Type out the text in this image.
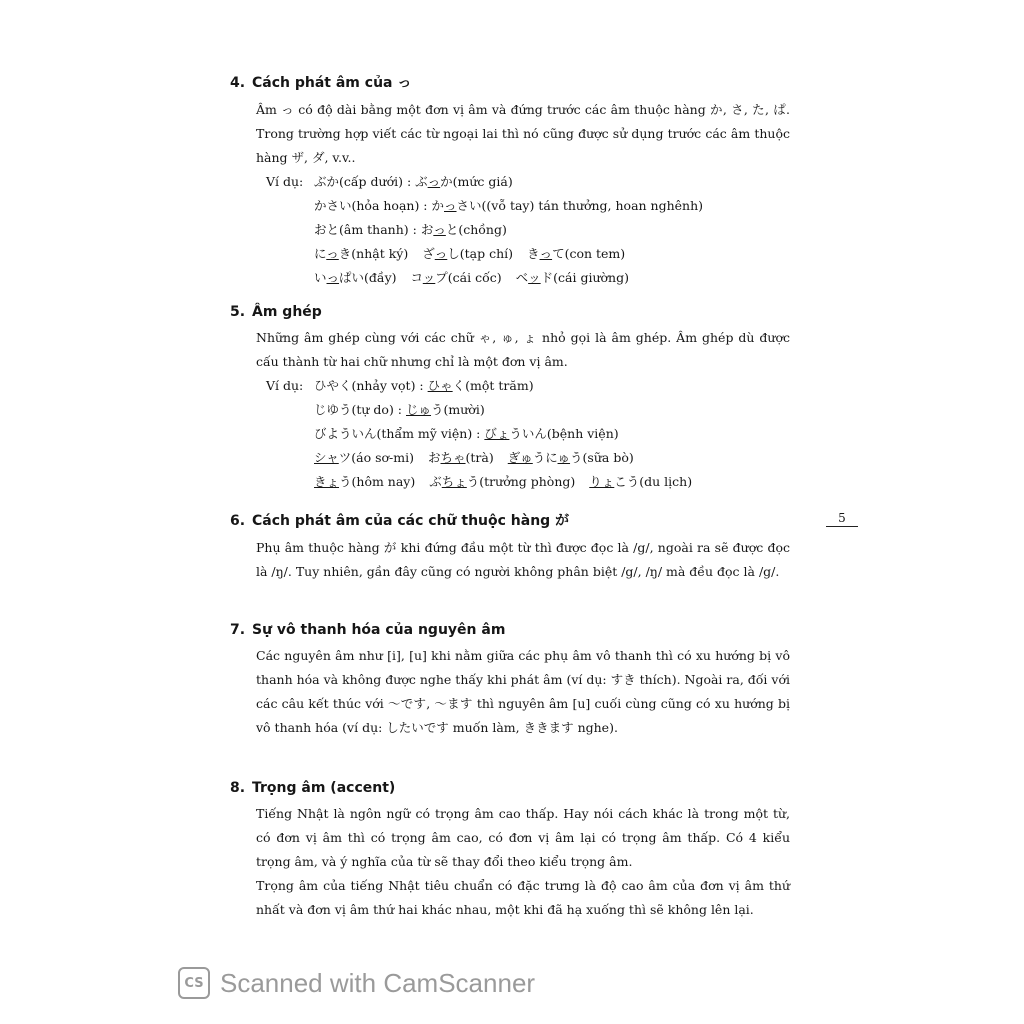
4. Cách phát âm của っ

Âm っ có độ dài bằng một đơn vị âm và đứng trước các âm thuộc hàng か, さ, た, ぱ. Trong trường hợp viết các từ ngoại lai thì nó cũng được sử dụng trước các âm thuộc hàng ザ, ダ, v.v..

Ví dụ: ぶか(cấp dưới) : ぶっか(mức giá)
かさい(hỏa hoạn) : かっさい((vỗ tay) tán thưởng, hoan nghênh)
おと(âm thanh) : おっと(chồng)
にっき(nhật ký) ざっし(tạp chí) きって(con tem)
いっぱい(đầy) コップ(cái cốc) ベッド(cái giường)
5. Âm ghép

Những âm ghép cùng với các chữ ゃ, ゅ, ょ nhỏ gọi là âm ghép. Âm ghép dù được cấu thành từ hai chữ nhưng chỉ là một đơn vị âm.

Ví dụ: ひやく(nhảy vọt) : ひゃく(một trăm)
じゆう(tự do) : じゅう(mười)
びよういん(thẩm mỹ viện) : びょういん(bệnh viện)
シャツ(áo sơ-mi) おちゃ(trà) ぎゅうにゅう(sữa bò)
きょう(hôm nay) ぶちょう(trưởng phòng) りょこう(du lịch)
6. Cách phát âm của các chữ thuộc hàng が

Phụ âm thuộc hàng が khi đứng đầu một từ thì được đọc là /g/, ngoài ra sẽ được đọc là /ŋ/. Tuy nhiên, gần đây cũng có người không phân biệt /g/, /ŋ/ mà đều đọc là /g/.

7. Sự vô thanh hóa của nguyên âm

Các nguyên âm như [i], [u] khi nằm giữa các phụ âm vô thanh thì có xu hướng bị vô thanh hóa và không được nghe thấy khi phát âm (ví dụ: すき thích). Ngoài ra, đối với các câu kết thúc với ～です, ～ます thì nguyên âm [u] cuối cùng cũng có xu hướng bị vô thanh hóa (ví dụ: したいです muốn làm, ききます nghe).

8. Trọng âm (accent)

Tiếng Nhật là ngôn ngữ có trọng âm cao thấp. Hay nói cách khác là trong một từ, có đơn vị âm thì có trọng âm cao, có đơn vị âm lại có trọng âm thấp. Có 4 kiểu trọng âm, và ý nghĩa của từ sẽ thay đổi theo kiểu trọng âm.

Trọng âm của tiếng Nhật tiêu chuẩn có đặc trưng là độ cao âm của đơn vị âm thứ nhất và đơn vị âm thứ hai khác nhau, một khi đã hạ xuống thì sẽ không lên lại.

5
CS Scanned with CamScanner
